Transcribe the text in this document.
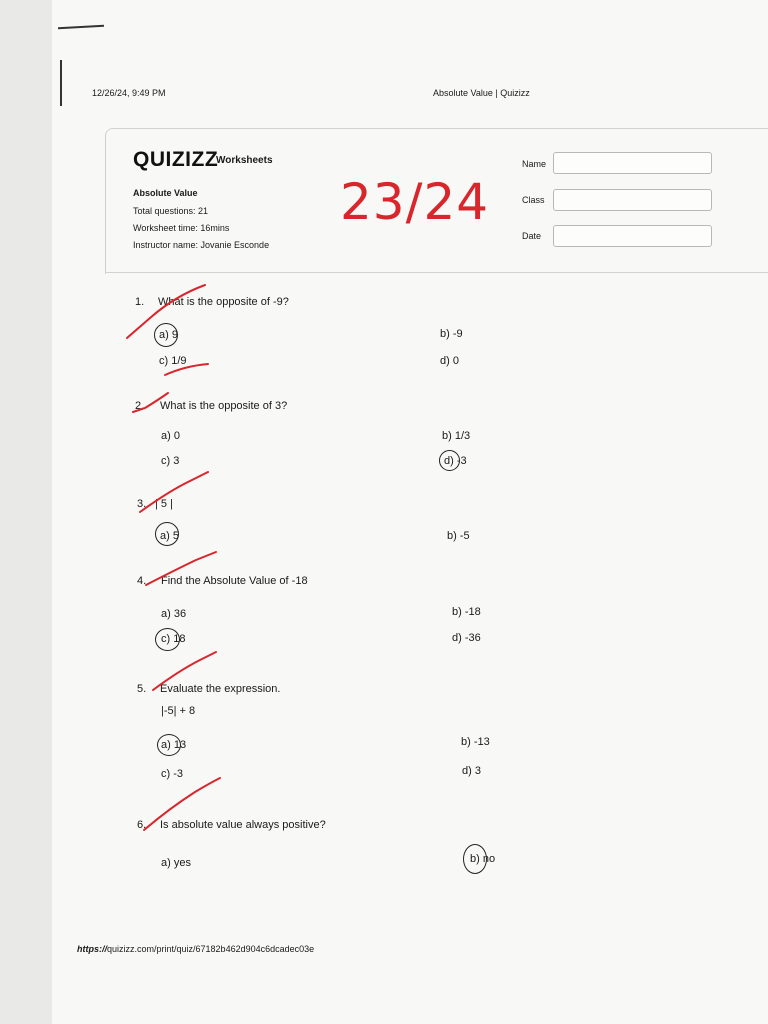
12/26/24, 9:49 PM	Absolute Value | Quizizz
QUIZIZZ
Worksheets
Absolute Value
Total questions: 21
Worksheet time: 16mins
Instructor name: Jovanie Esconde
23/24
Name
Class
Date
1. What is the opposite of -9?
a) 9	b) -9
c) 1/9	d) 0
2. What is the opposite of 3?
a) 0	b) 1/3
c) 3	d) -3
3. | 5 |
a) 5	b) -5
4. Find the Absolute Value of -18
a) 36	b) -18
c) 18	d) -36
5. Evaluate the expression.
|-5| + 8
a) 13	b) -13
c) -3	d) 3
6. Is absolute value always positive?
a) yes	b) no
https://quizizz.com/print/quiz/67182b462d904c6dcadec03e
